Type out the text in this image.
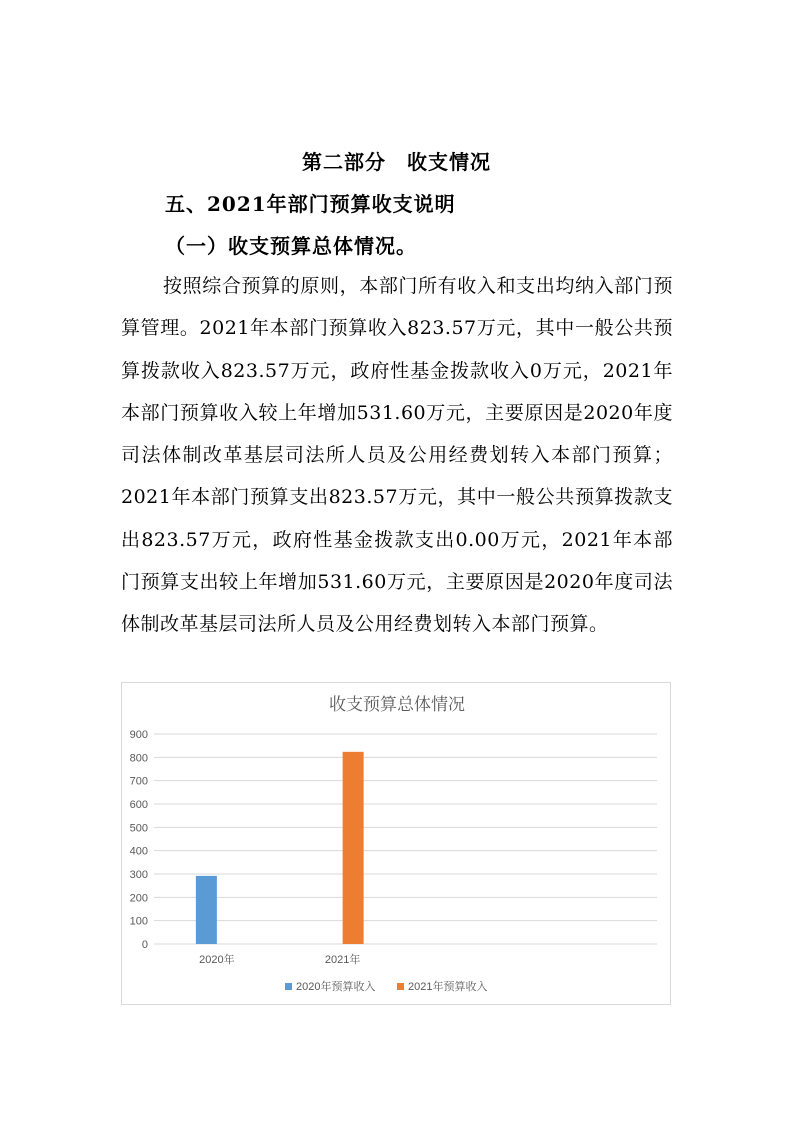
第二部分　收支情况
五、2021年部门预算收支说明
（一）收支预算总体情况。
按照综合预算的原则，本部门所有收入和支出均纳入部门预算管理。2021年本部门预算收入823.57万元，其中一般公共预算拨款收入823.57万元，政府性基金拨款收入0万元，2021年本部门预算收入较上年增加531.60万元，主要原因是2020年度司法体制改革基层司法所人员及公用经费划转入本部门预算；2021年本部门预算支出823.57万元，其中一般公共预算拨款支出823.57万元，政府性基金拨款支出0.00万元，2021年本部门预算支出较上年增加531.60万元，主要原因是2020年度司法体制改革基层司法所人员及公用经费划转入本部门预算。
收支预算总体情况
0
100
200
300
400
500
600
700
800
900
2020年	2021年
2020年预算收入	2021年预算收入
